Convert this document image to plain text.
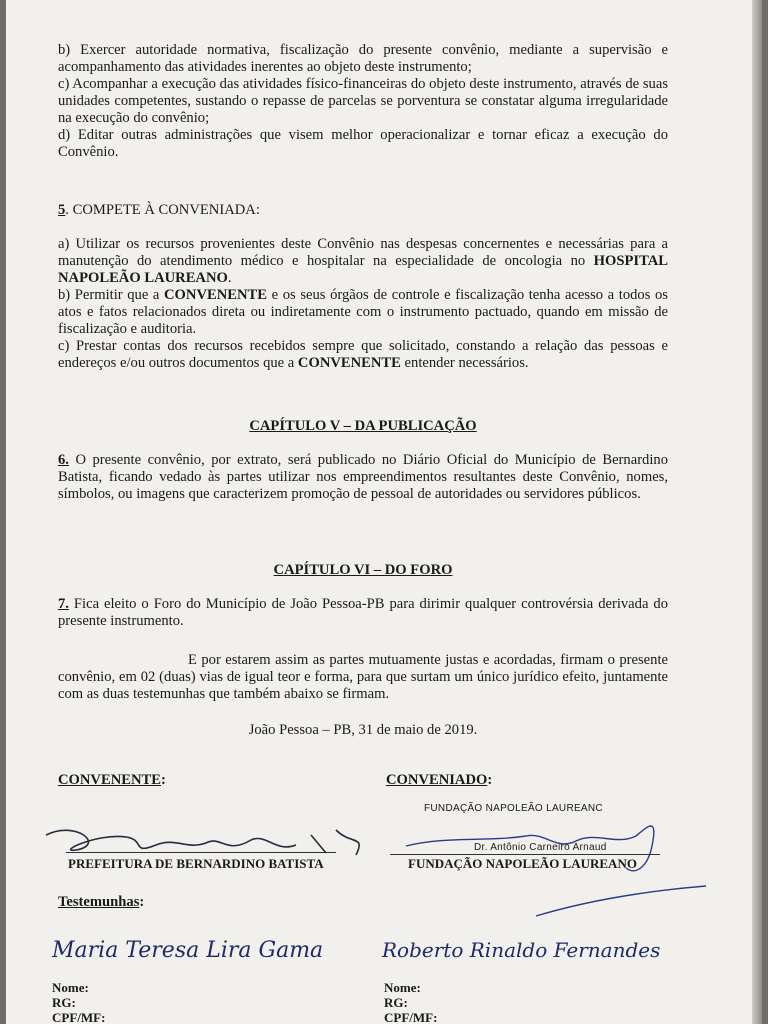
b) Exercer autoridade normativa, fiscalização do presente convênio, mediante a supervisão e acompanhamento das atividades inerentes ao objeto deste instrumento;

c) Acompanhar a execução das atividades físico-financeiras do objeto deste instrumento, através de suas unidades competentes, sustando o repasse de parcelas se porventura se constatar alguma irregularidade na execução do convênio;

d) Editar outras administrações que visem melhor operacionalizar e tornar eficaz a execução do Convênio.

5. COMPETE À CONVENIADA:

a) Utilizar os recursos provenientes deste Convênio nas despesas concernentes e necessárias para a manutenção do atendimento médico e hospitalar na especialidade de oncologia no HOSPITAL NAPOLEÃO LAUREANO.

b) Permitir que a CONVENENTE e os seus órgãos de controle e fiscalização tenha acesso a todos os atos e fatos relacionados direta ou indiretamente com o instrumento pactuado, quando em missão de fiscalização e auditoria.

c) Prestar contas dos recursos recebidos sempre que solicitado, constando a relação das pessoas e endereços e/ou outros documentos que a CONVENENTE entender necessários.

CAPÍTULO V – DA PUBLICAÇÃO

6. O presente convênio, por extrato, será publicado no Diário Oficial do Município de Bernardino Batista, ficando vedado às partes utilizar nos empreendimentos resultantes deste Convênio, nomes, símbolos, ou imagens que caracterizem promoção de pessoal de autoridades ou servidores públicos.

CAPÍTULO VI – DO FORO

7. Fica eleito o Foro do Município de João Pessoa-PB para dirimir qualquer controvérsia derivada do presente instrumento.

E por estarem assim as partes mutuamente justas e acordadas, firmam o presente convênio, em 02 (duas) vias de igual teor e forma, para que surtam um único jurídico efeito, juntamente com as duas testemunhas que também abaixo se firmam.

João Pessoa – PB, 31 de maio de 2019.
CONVENENTE:	CONVENIADO:
FUNDAÇÃO NAPOLEÃO LAUREANC
PREFEITURA DE BERNARDINO BATISTA
Dr. Antônio Carneiro Arnaud
FUNDAÇÃO NAPOLEÃO LAUREANO
Testemunhas:
Maria Teresa Lira Gama	Roberto Rinaldo Fernandes
Nome:
RG:
CPF/MF:
Nome:
RG:
CPF/MF:
